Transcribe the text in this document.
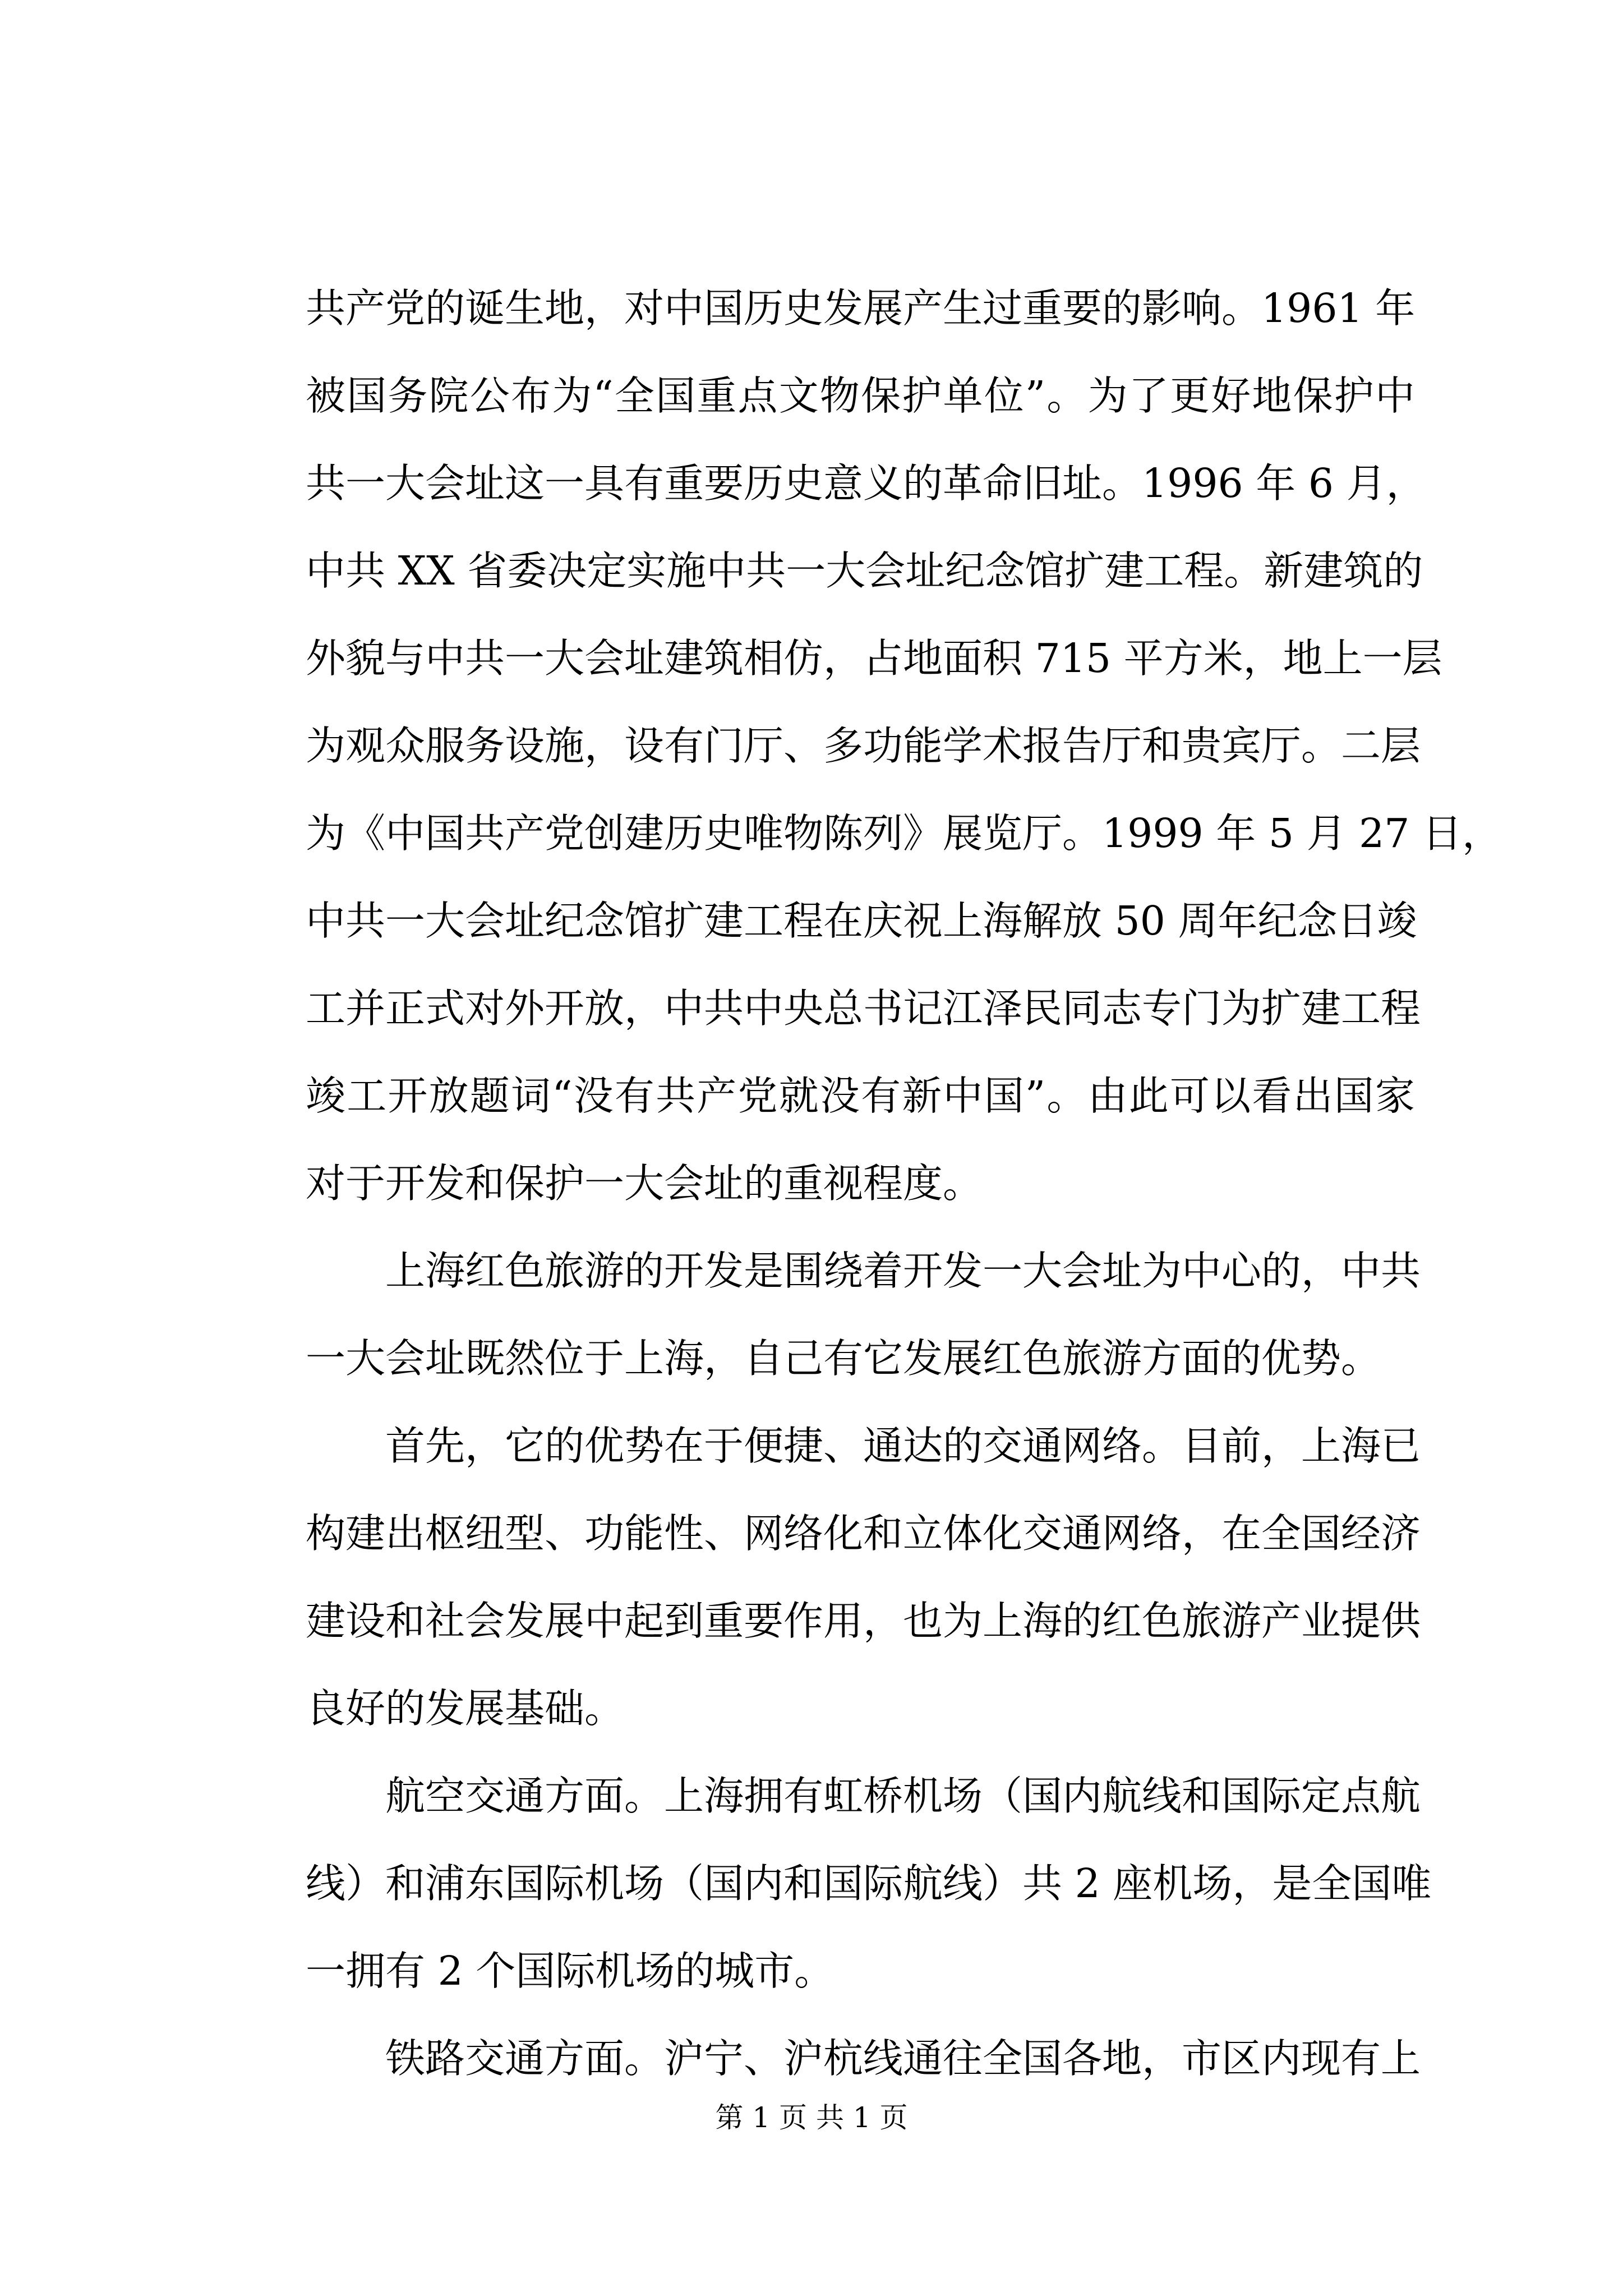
共产党的诞生地，对中国历史发展产生过重要的影响。1961 年
被国务院公布为“全国重点文物保护单位”。为了更好地保护中
共一大会址这一具有重要历史意义的革命旧址。1996 年 6 月，
中共 XX 省委决定实施中共一大会址纪念馆扩建工程。新建筑的
外貌与中共一大会址建筑相仿，占地面积 715 平方米，地上一层
为观众服务设施，设有门厅、多功能学术报告厅和贵宾厅。二层
为《中国共产党创建历史唯物陈列》展览厅。1999 年 5 月 27 日，
中共一大会址纪念馆扩建工程在庆祝上海解放 50 周年纪念日竣
工并正式对外开放，中共中央总书记江泽民同志专门为扩建工程
竣工开放题词“没有共产党就没有新中国”。由此可以看出国家
对于开发和保护一大会址的重视程度。
上海红色旅游的开发是围绕着开发一大会址为中心的，中共
一大会址既然位于上海，自己有它发展红色旅游方面的优势。
首先，它的优势在于便捷、通达的交通网络。目前，上海已
构建出枢纽型、功能性、网络化和立体化交通网络，在全国经济
建设和社会发展中起到重要作用，也为上海的红色旅游产业提供
良好的发展基础。
航空交通方面。上海拥有虹桥机场（国内航线和国际定点航
线）和浦东国际机场（国内和国际航线）共 2 座机场，是全国唯
一拥有 2 个国际机场的城市。
铁路交通方面。沪宁、沪杭线通往全国各地，市区内现有上
第 1 页 共 1 页
